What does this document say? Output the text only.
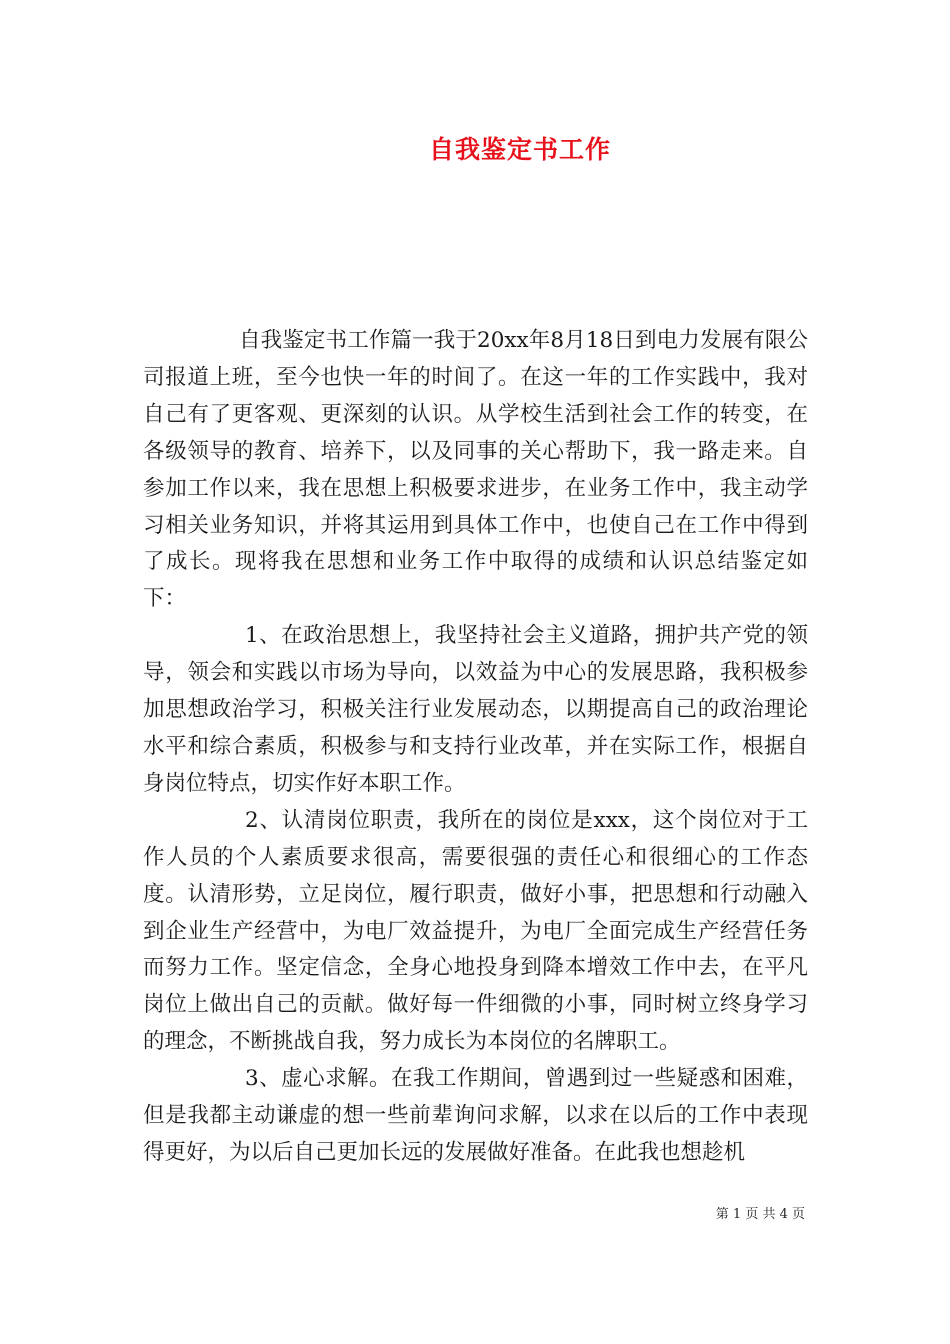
自我鉴定书工作

自我鉴定书工作篇一我于20xx年8月18日到电力发展有限公司报道上班，至今也快一年的时间了。在这一年的工作实践中，我对自己有了更客观、更深刻的认识。从学校生活到社会工作的转变，在各级领导的教育、培养下，以及同事的关心帮助下，我一路走来。自参加工作以来，我在思想上积极要求进步，在业务工作中，我主动学习相关业务知识，并将其运用到具体工作中，也使自己在工作中得到了成长。现将我在思想和业务工作中取得的成绩和认识总结鉴定如下：

1、在政治思想上，我坚持社会主义道路，拥护共产党的领导，领会和实践以市场为导向，以效益为中心的发展思路，我积极参加思想政治学习，积极关注行业发展动态，以期提高自己的政治理论水平和综合素质，积极参与和支持行业改革，并在实际工作，根据自身岗位特点，切实作好本职工作。

2、认清岗位职责，我所在的岗位是xxx，这个岗位对于工作人员的个人素质要求很高，需要很强的责任心和很细心的工作态度。认清形势，立足岗位，履行职责，做好小事，把思想和行动融入到企业生产经营中，为电厂效益提升，为电厂全面完成生产经营任务而努力工作。坚定信念，全身心地投身到降本增效工作中去，在平凡岗位上做出自己的贡献。做好每一件细微的小事，同时树立终身学习的理念，不断挑战自我，努力成长为本岗位的名牌职工。

3、虚心求解。在我工作期间，曾遇到过一些疑惑和困难，但是我都主动谦虚的想一些前辈询问求解，以求在以后的工作中表现得更好，为以后自己更加长远的发展做好准备。在此我也想趁机

第 1 页 共 4 页
